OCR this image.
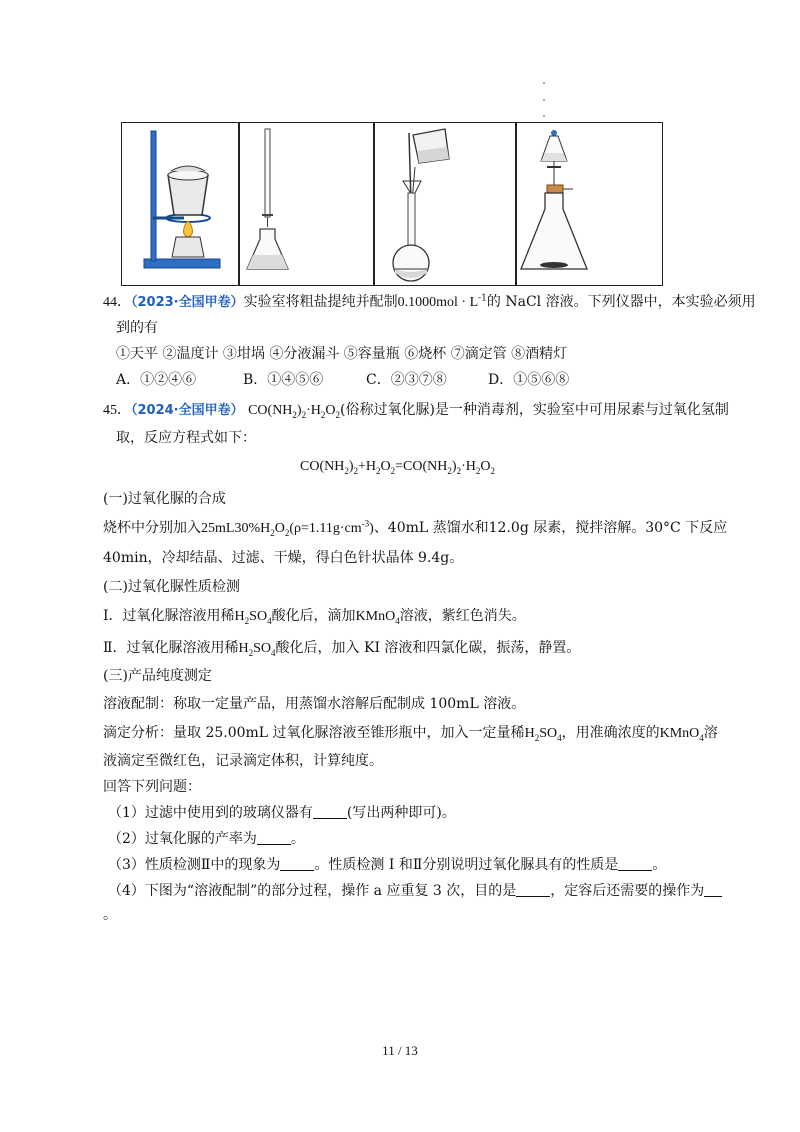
44．（2023·全国甲卷）实验室将粗盐提纯并配制$0.1000mol \cdot L^{-1}$的 NaCl 溶液。下列仪器中，本实验必须用
到的有
①天平 ②温度计 ③坩埚 ④分液漏斗 ⑤容量瓶 ⑥烧杯 ⑦滴定管 ⑧酒精灯
A．①②④⑥	B．①④⑤⑥	C．②③⑦⑧	D．①⑤⑥⑧
45．（2024·全国甲卷） $CO(NH_2)_2\cdot H_2O_2$(俗称过氧化脲)是一种消毒剂，实验室中可用尿素与过氧化氢制
取，反应方程式如下：
$CO(NH_2)_2+H_2O_2=CO(NH_2)_2\cdot H_2O_2$
(一)过氧化脲的合成
烧杯中分别加入$25mL30\%H_2O_2(\rho=1.11g\cdot cm^{-3})$、40mL 蒸馏水和12.0g 尿素，搅拌溶解。30°C 下反应
40min，冷却结晶、过滤、干燥，得白色针状晶体 9.4g。
(二)过氧化脲性质检测
I．过氧化脲溶液用稀$H_2SO_4$酸化后，滴加KMnO$_4$溶液，紫红色消失。
Ⅱ．过氧化脲溶液用稀$H_2SO_4$酸化后，加入 KI 溶液和四氯化碳，振荡，静置。
(三)产品纯度测定
溶液配制：称取一定量产品，用蒸馏水溶解后配制成 100mL 溶液。
滴定分析：量取 25.00mL 过氧化脲溶液至锥形瓶中，加入一定量稀$H_2SO_4$，用准确浓度的KMnO$_4$溶
液滴定至微红色，记录滴定体积，计算纯度。
回答下列问题：
（1）过滤中使用到的玻璃仪器有 (写出两种即可)。
（2）过氧化脲的产率为 。
（3）性质检测Ⅱ中的现象为 。性质检测 I 和Ⅱ分别说明过氧化脲具有的性质是 。
（4）下图为“溶液配制”的部分过程，操作 a 应重复 3 次，目的是 ，定容后还需要的操作为
。
11 / 13
